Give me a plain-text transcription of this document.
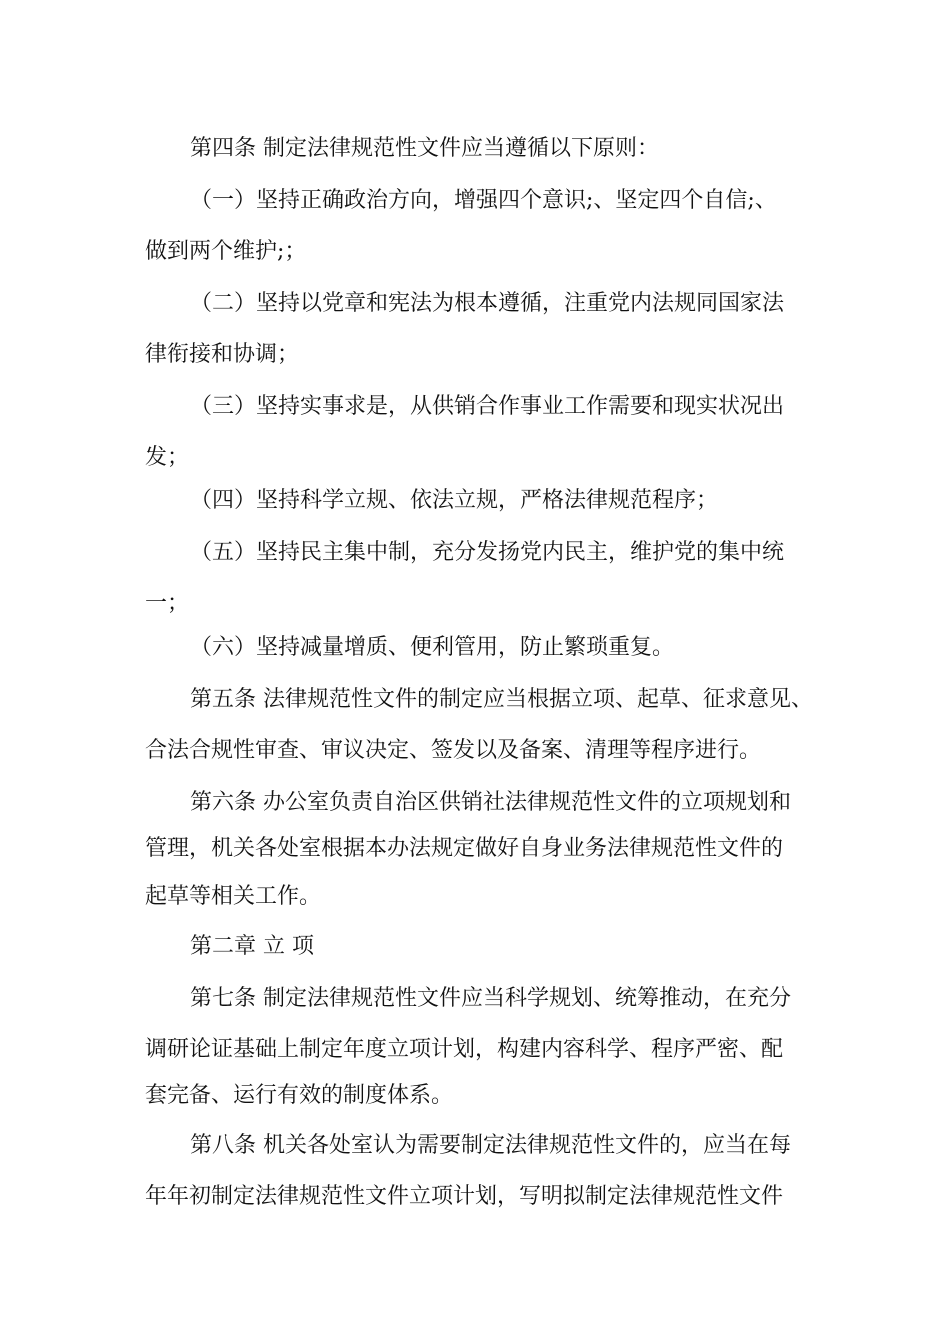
第四条 制定法律规范性文件应当遵循以下原则：

（一）坚持正确政治方向，增强四个意识;、坚定四个自信;、

做到两个维护;；

（二）坚持以党章和宪法为根本遵循，注重党内法规同国家法

律衔接和协调；

（三）坚持实事求是，从供销合作事业工作需要和现实状况出

发；

（四）坚持科学立规、依法立规，严格法律规范程序；

（五）坚持民主集中制，充分发扬党内民主，维护党的集中统

一；

（六）坚持减量增质、便利管用，防止繁琐重复。

第五条 法律规范性文件的制定应当根据立项、起草、征求意见、

合法合规性审查、审议决定、签发以及备案、清理等程序进行。

第六条 办公室负责自治区供销社法律规范性文件的立项规划和

管理，机关各处室根据本办法规定做好自身业务法律规范性文件的

起草等相关工作。

第二章 立 项

第七条 制定法律规范性文件应当科学规划、统筹推动，在充分

调研论证基础上制定年度立项计划，构建内容科学、程序严密、配

套完备、运行有效的制度体系。

第八条 机关各处室认为需要制定法律规范性文件的，应当在每

年年初制定法律规范性文件立项计划，写明拟制定法律规范性文件
